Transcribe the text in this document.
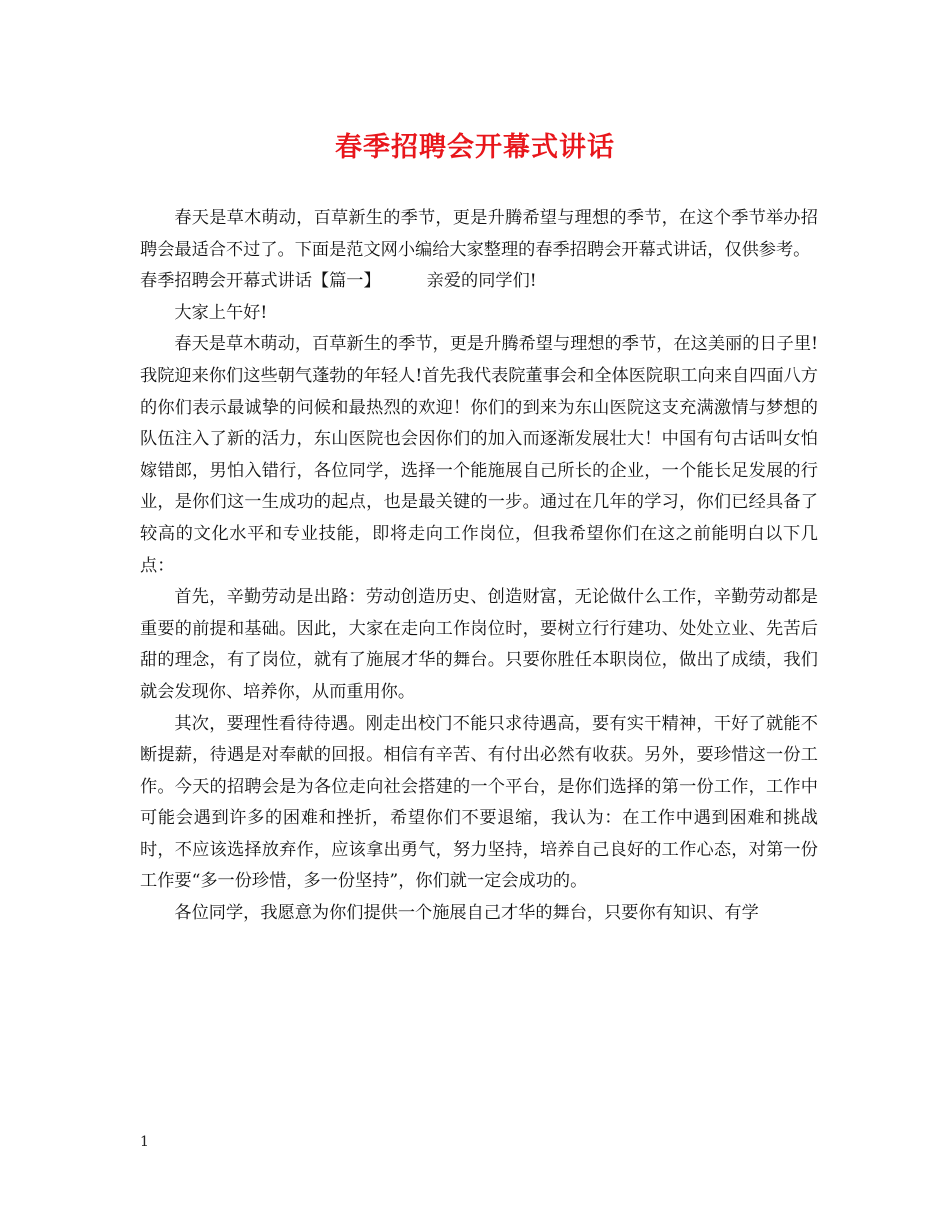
春季招聘会开幕式讲话

春天是草木萌动，百草新生的季节，更是升腾希望与理想的季节，在这个季节举办招聘会最适合不过了。下面是范文网小编给大家整理的春季招聘会开幕式讲话，仅供参考。

春季招聘会开幕式讲话【篇一】	亲爱的同学们!

大家上午好!

春天是草木萌动，百草新生的季节，更是升腾希望与理想的季节，在这美丽的日子里!我院迎来你们这些朝气蓬勃的年轻人!首先我代表院董事会和全体医院职工向来自四面八方的你们表示最诚挚的问候和最热烈的欢迎！你们的到来为东山医院这支充满激情与梦想的队伍注入了新的活力，东山医院也会因你们的加入而逐渐发展壮大！中国有句古话叫女怕嫁错郎，男怕入错行，各位同学，选择一个能施展自己所长的企业，一个能长足发展的行业，是你们这一生成功的起点，也是最关键的一步。通过在几年的学习，你们已经具备了较高的文化水平和专业技能，即将走向工作岗位，但我希望你们在这之前能明白以下几点：

首先，辛勤劳动是出路：劳动创造历史、创造财富，无论做什么工作，辛勤劳动都是重要的前提和基础。因此，大家在走向工作岗位时，要树立行行建功、处处立业、先苦后甜的理念，有了岗位，就有了施展才华的舞台。只要你胜任本职岗位，做出了成绩，我们就会发现你、培养你，从而重用你。

其次，要理性看待待遇。刚走出校门不能只求待遇高，要有实干精神，干好了就能不断提薪，待遇是对奉献的回报。相信有辛苦、有付出必然有收获。另外，要珍惜这一份工作。今天的招聘会是为各位走向社会搭建的一个平台，是你们选择的第一份工作，工作中可能会遇到许多的困难和挫折，希望你们不要退缩，我认为：在工作中遇到困难和挑战时，不应该选择放弃作，应该拿出勇气，努力坚持，培养自己良好的工作心态，对第一份工作要“多一份珍惜，多一份坚持”，你们就一定会成功的。

各位同学，我愿意为你们提供一个施展自己才华的舞台，只要你有知识、有学

1
